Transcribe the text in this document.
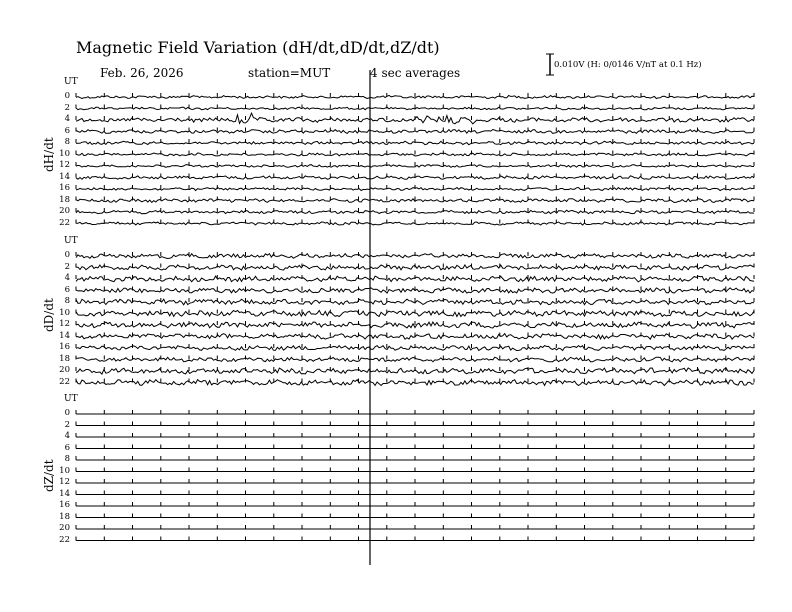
Magnetic Field Variation (dH/dt,dD/dt,dZ/dt)
Feb. 26, 2026	station=MUT	4 sec averages
0.010V (H: 0/0146 V/nT at 0.1 Hz)
UT
dH/dt
0
2
4
6
8
10
12
14
16
18
20
22
UT
dD/dt
0
2
4
6
8
10
12
14
16
18
20
22
UT
dZ/dt
0
2
4
6
8
10
12
14
16
18
20
22
